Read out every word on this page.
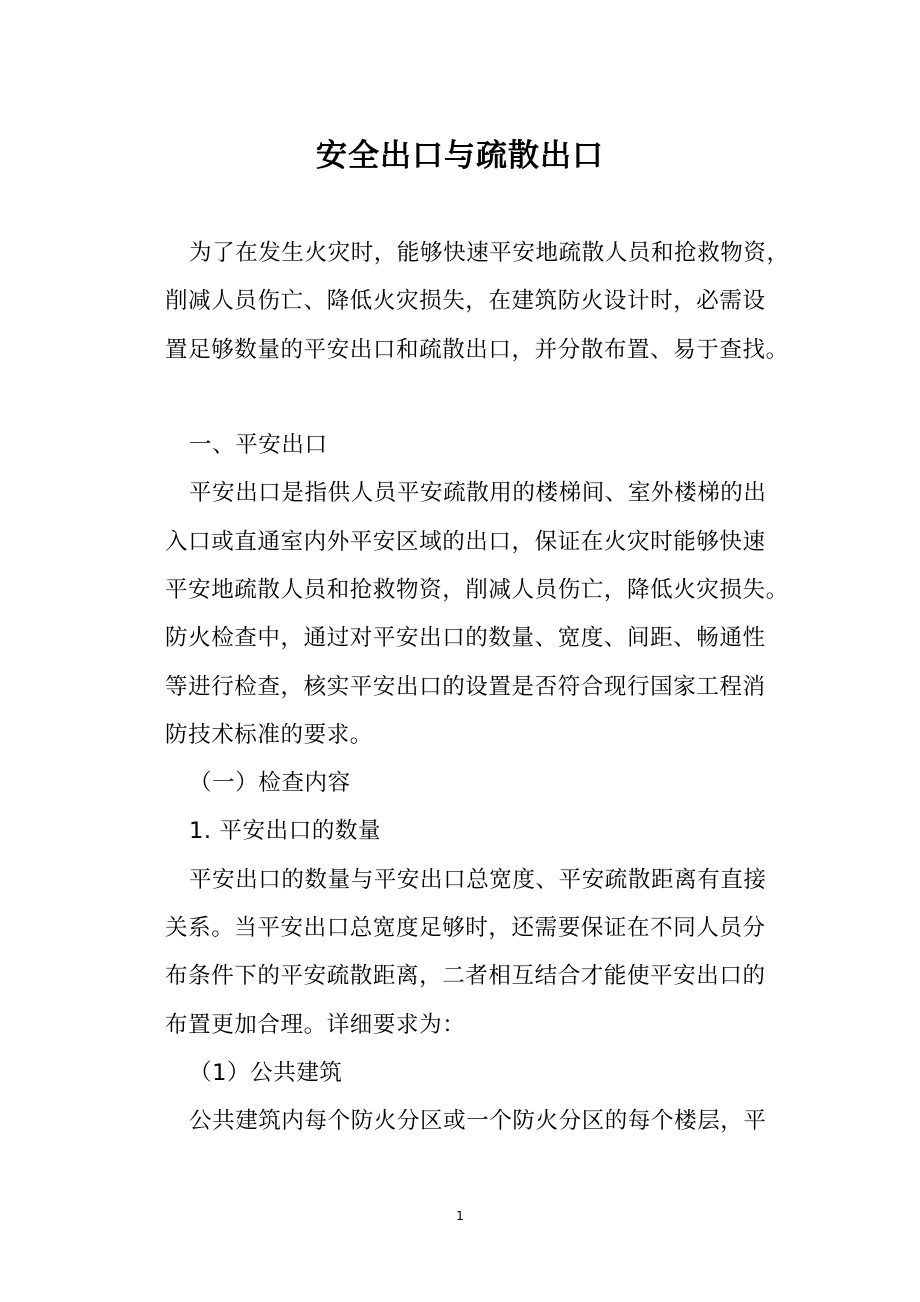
安全出口与疏散出口
为了在发生火灾时，能够快速平安地疏散人员和抢救物资，
削减人员伤亡、降低火灾损失，在建筑防火设计时，必需设
置足够数量的平安出口和疏散出口，并分散布置、易于查找。
一、平安出口
平安出口是指供人员平安疏散用的楼梯间、室外楼梯的出
入口或直通室内外平安区域的出口，保证在火灾时能够快速
平安地疏散人员和抢救物资，削减人员伤亡，降低火灾损失。
防火检查中，通过对平安出口的数量、宽度、间距、畅通性
等进行检查，核实平安出口的设置是否符合现行国家工程消
防技术标准的要求。
（一）检查内容
1. 平安出口的数量
平安出口的数量与平安出口总宽度、平安疏散距离有直接
关系。当平安出口总宽度足够时，还需要保证在不同人员分
布条件下的平安疏散距离，二者相互结合才能使平安出口的
布置更加合理。详细要求为：
（1）公共建筑
公共建筑内每个防火分区或一个防火分区的每个楼层，平
1
